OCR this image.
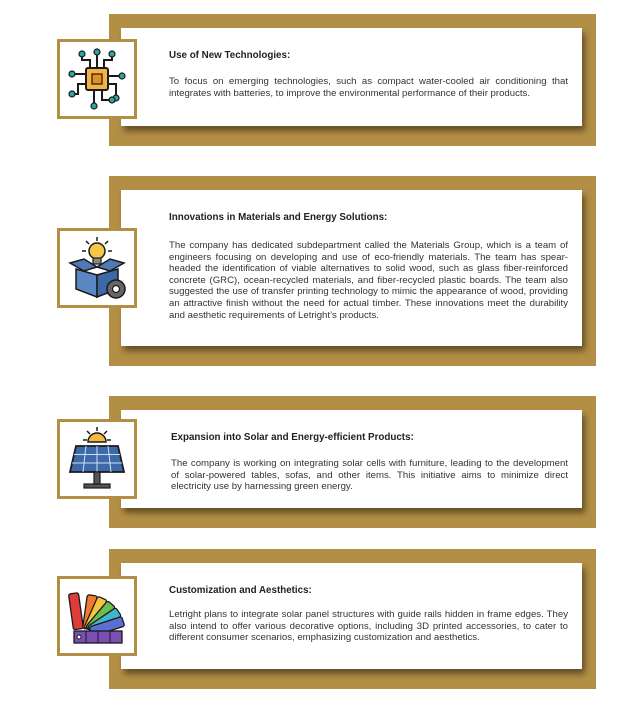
Use of New Technologies:
To focus on emerging technologies, such as compact water-cooled air conditioning that integrates with batteries, to improve the environmental performance of their products.
Innovations in Materials and Energy Solutions:
The company has dedicated subdepartment called the Materials Group, which is a team of engineers focusing on developing and use of eco-friendly materials. The team has spear-headed the identification of viable alternatives to solid wood, such as glass fiber-reinforced concrete (GRC), ocean-recycled materials, and fiber-recycled plastic boards. The team also suggested the use of transfer printing technology to mimic the appearance of wood, providing an attractive finish without the need for actual timber. These innovations meet the durability and aesthetic requirements of Letright’s products.
Expansion into Solar and Energy-efficient Products:
The company is working on integrating solar cells with furniture, leading to the development of solar-powered tables, sofas, and other items. This initiative aims to minimize direct electricity use by harnessing green energy.
Customization and Aesthetics:
Letright plans to integrate solar panel structures with guide rails hidden in frame edges. They also intend to offer various decorative options, including 3D printed accessories, to cater to different consumer scenarios, emphasizing customization and aesthetics.
